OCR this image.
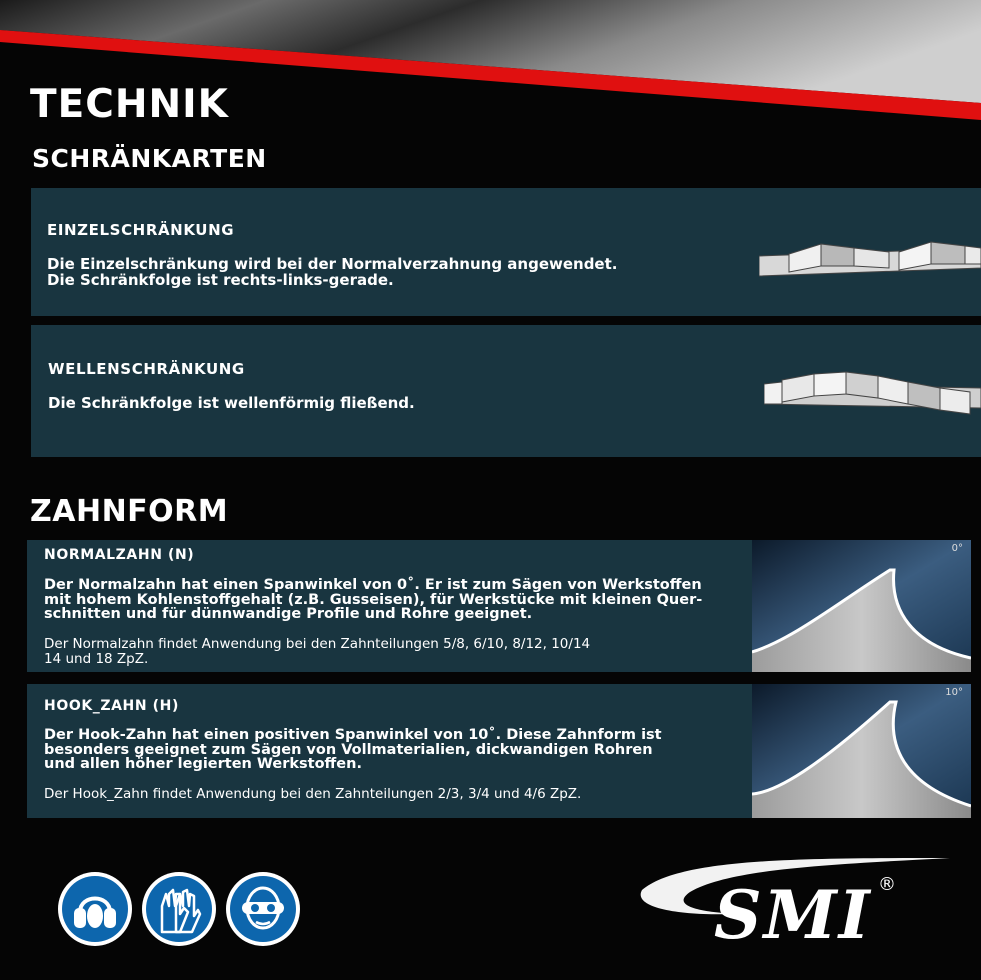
TECHNIK
SCHRÄNKARTEN
EINZELSCHRÄNKUNG
Die Einzelschränkung wird bei der Normalverzahnung angewendet.
Die Schränkfolge ist rechts-links-gerade.
WELLENSCHRÄNKUNG
Die Schränkfolge ist wellenförmig fließend.
ZAHNFORM
NORMALZAHN (N)
Der Normalzahn hat einen Spanwinkel von 0˚. Er ist zum Sägen von Werkstoffen
mit hohem Kohlenstoffgehalt (z.B. Gusseisen), für Werkstücke mit kleinen Quer-
schnitten und für dünnwandige Profile und Rohre geeignet.
Der Normalzahn findet Anwendung bei den Zahnteilungen 5/8, 6/10, 8/12, 10/14
14 und 18 ZpZ.
0°
HOOK_ZAHN (H)
Der Hook-Zahn hat einen positiven Spanwinkel von 10˚. Diese Zahnform ist
besonders geeignet zum Sägen von Vollmaterialien, dickwandigen Rohren
und allen höher legierten Werkstoffen.
Der Hook_Zahn findet Anwendung bei den Zahnteilungen 2/3, 3/4 und 4/6 ZpZ.
10°
SMI ®
